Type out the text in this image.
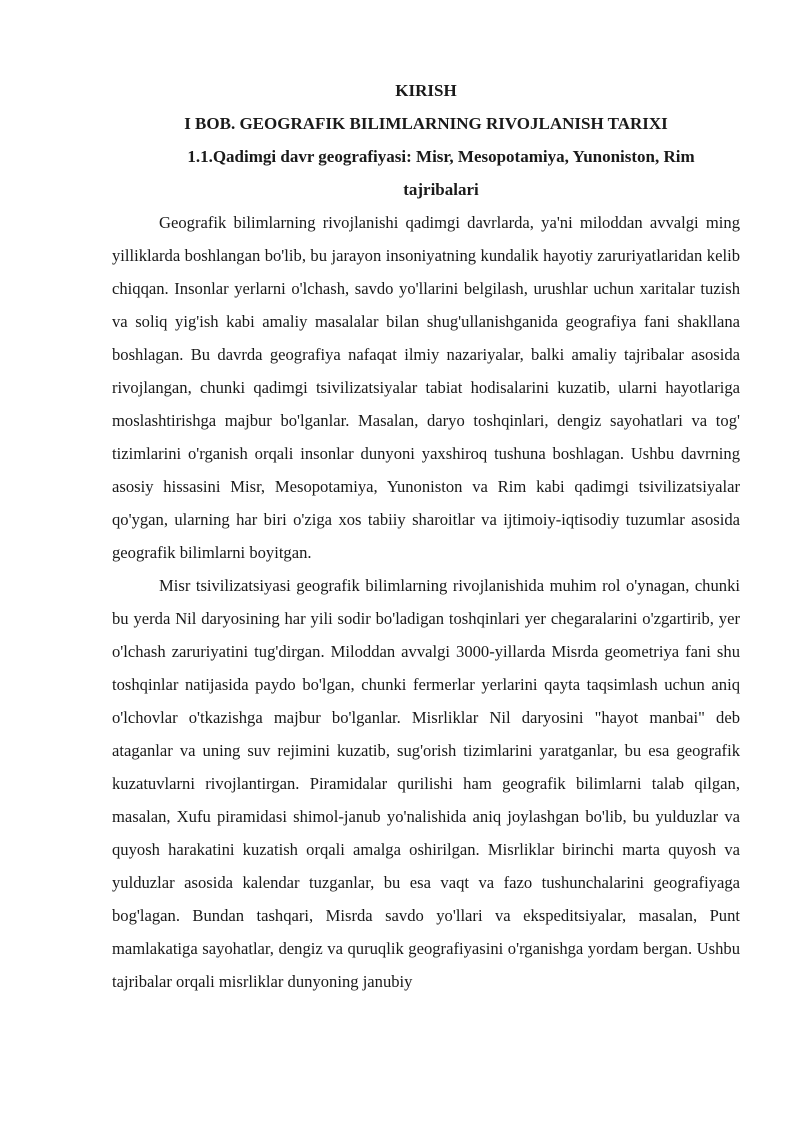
KIRISH

I BOB. GEOGRAFIK BILIMLARNING RIVOJLANISH TARIXI

1.1.Qadimgi davr geografiyasi: Misr, Mesopotamiya, Yunoniston, Rim tajribalari

Geografik bilimlarning rivojlanishi qadimgi davrlarda, ya'ni miloddan avvalgi ming yilliklarda boshlangan bo'lib, bu jarayon insoniyatning kundalik hayotiy zaruriyatlaridan kelib chiqqan. Insonlar yerlarni o'lchash, savdo yo'llarini belgilash, urushlar uchun xaritalar tuzish va soliq yig'ish kabi amaliy masalalar bilan shug'ullanishganida geografiya fani shakllana boshlagan. Bu davrda geografiya nafaqat ilmiy nazariyalar, balki amaliy tajribalar asosida rivojlangan, chunki qadimgi tsivilizatsiyalar tabiat hodisalarini kuzatib, ularni hayotlariga moslashtirishga majbur bo'lganlar. Masalan, daryo toshqinlari, dengiz sayohatlari va tog' tizimlarini o'rganish orqali insonlar dunyoni yaxshiroq tushuna boshlagan. Ushbu davrning asosiy hissasini Misr, Mesopotamiya, Yunoniston va Rim kabi qadimgi tsivilizatsiyalar qo'ygan, ularning har biri o'ziga xos tabiiy sharoitlar va ijtimoiy-iqtisodiy tuzumlar asosida geografik bilimlarni boyitgan.

Misr tsivilizatsiyasi geografik bilimlarning rivojlanishida muhim rol o'ynagan, chunki bu yerda Nil daryosining har yili sodir bo'ladigan toshqinlari yer chegaralarini o'zgartirib, yer o'lchash zaruriyatini tug'dirgan. Miloddan avvalgi 3000-yillarda Misrda geometriya fani shu toshqinlar natijasida paydo bo'lgan, chunki fermerlar yerlarini qayta taqsimlash uchun aniq o'lchovlar o'tkazishga majbur bo'lganlar. Misrliklar Nil daryosini "hayot manbai" deb ataganlar va uning suv rejimini kuzatib, sug'orish tizimlarini yaratganlar, bu esa geografik kuzatuvlarni rivojlantirgan. Piramidalar qurilishi ham geografik bilimlarni talab qilgan, masalan, Xufu piramidasi shimol-janub yo'nalishida aniq joylashgan bo'lib, bu yulduzlar va quyosh harakatini kuzatish orqali amalga oshirilgan. Misrliklar birinchi marta quyosh va yulduzlar asosida kalendar tuzganlar, bu esa vaqt va fazo tushunchalarini geografiyaga bog'lagan. Bundan tashqari, Misrda savdo yo'llari va ekspeditsiyalar, masalan, Punt mamlakatiga sayohatlar, dengiz va quruqlik geografiyasini o'rganishga yordam bergan. Ushbu tajribalar orqali misrliklar dunyoning janubiy
